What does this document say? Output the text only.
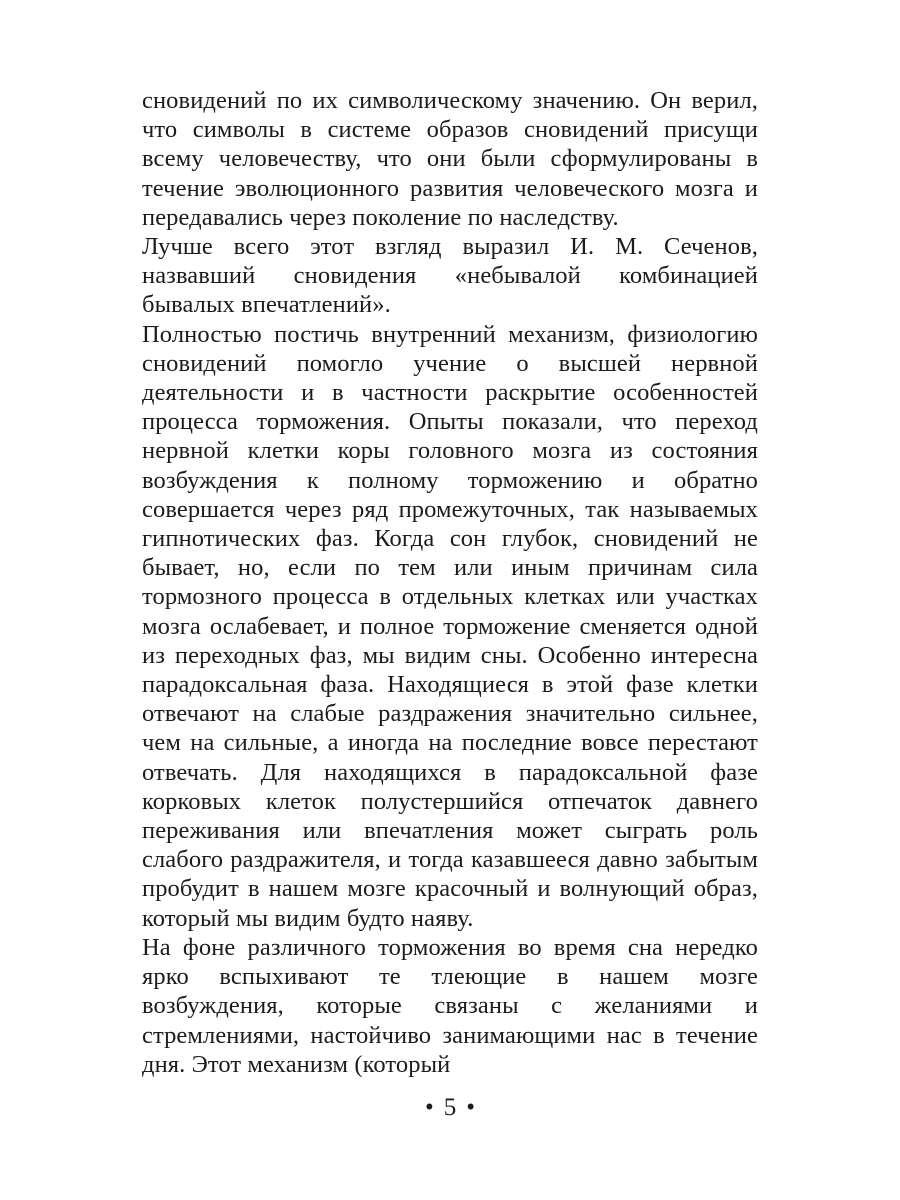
сновидений по их символическому значению. Он верил, что символы в системе образов сновидений присущи всему человечеству, что они были сформулированы в течение эволюционного развития человеческого мозга и передавались через поколение по наследству.

Лучше всего этот взгляд выразил И. М. Сеченов, назвавший сновидения «небывалой комбинацией бывалых впечатлений».

Полностью постичь внутренний механизм, физиологию сновидений помогло учение о высшей нервной деятельности и в частности раскрытие особенностей процесса торможения. Опыты показали, что переход нервной клетки коры головного мозга из состояния возбуждения к полному торможению и обратно совершается через ряд промежуточных, так называемых гипнотических фаз. Когда сон глубок, сновидений не бывает, но, если по тем или иным причинам сила тормозного процесса в отдельных клетках или участках мозга ослабевает, и полное торможение сменяется одной из переходных фаз, мы видим сны. Особенно интересна парадоксальная фаза. Находящиеся в этой фазе клетки отвечают на слабые раздражения значительно сильнее, чем на сильные, а иногда на последние вовсе перестают отвечать. Для находящихся в парадоксальной фазе корковых клеток полустершийся отпечаток давнего переживания или впечатления может сыграть роль слабого раздражителя, и тогда казавшееся давно забытым пробудит в нашем мозге красочный и волнующий образ, который мы видим будто наяву.

На фоне различного торможения во время сна нередко ярко вспыхивают те тлеющие в нашем мозге возбуждения, которые связаны с желаниями и стремлениями, настойчиво занимающими нас в течение дня. Этот механизм (который

• 5 •
